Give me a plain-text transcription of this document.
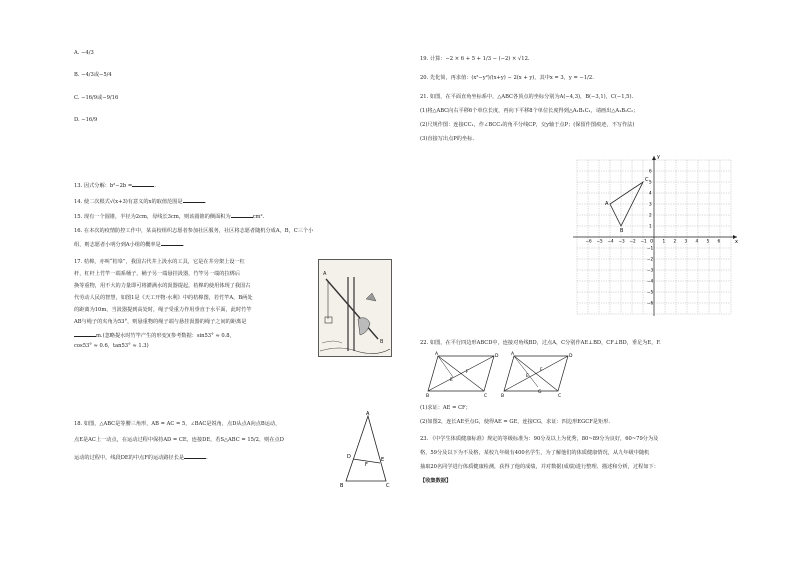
A. −4/3
B. −4/3或−5/4
C. −16/9或−9/16
D. −16/9
13. 因式分解：b²−2b =	.
14. 使二次根式√(x+3)有意义的x的取值范围是	.
15. 现有一个圆锥，半径为2cm，母线长3cm，则该圆锥的侧面积为	cm².
16. 在本次的疫情防控工作中，某高校组织志愿者参加社区服务，社区将志愿者随机分成A，B，C三个小
组，则志愿者小明分到A小组的概率是	.
17. 桔槔，亦叫“桔皋”，我国古代井上汲水的工具，它是在井旁架上设一杠
杆，杠杆上竹竿一端系桶子，桶子另一端悬挂汲器，竹竿另一端的拉绑后
换等重物，用不大的力量即可将灌满水的汲器提起，桔槔的使用体现了我国古
代劳动人民的智慧，如图1是《天工开物·水利》中的桔槔图，若竹竿A，B两处
的距离为10m，当汲器提到高处时，绳子受重力作用垂直于水平面，此时竹竿
AB与绳子的夹角为53°，则悬重物的绳子端与悬挂汲器的绳子之间的距离是
m.(忽略提水时竹竿产生的形变)(参考数据：sin53° ≈ 0.8,
cos53° ≈ 0.6，tan53° ≈ 1.3)
A
B
18. 如图，△ABC是等腰三角形，AB = AC = 5，∠BAC是锐角，点D从点A向点B运动，
点E是AC上一动点，在运动过程中保持AD = CE，连接DE，若S△ABC = 15/2，则在点D
运动的过程中，线段DE的中点F的运动路径长是	.
A
B	C
D	E
F
19. 计算：−2 × 6 + 5 + 1/3 − (−2) × √12.
20. 先化简，再求值：(x²−y²)/(x+y) − 2(x + y)，其中x = 3，y = −1/2.
21. 如图，在平面直角坐标系中，△ABC各顶点的坐标分别为A(−4,3)，B(−3,1)，C(−1,5).
(1)将△ABC向右平移6个单位长度，再向下平移8个单位长度得到△A₁B₁C₁，请画出△A₁B₁C₁；
(2)尺规作图：连接CC₁，作∠BCC₁的角平分线CP，交y轴于点P；(保留作图痕迹，不写作法)
(3)直接写出点P的坐标.
x
y
−6 −5 −4 −3 −2 −1 O 1 2 3 4 5 6
1
2
3
4
5
6
−1
−2
−3
−4
−5
−6
A
B
C
22. 如图，在平行四边形ABCD中，连接对角线BD，过点A，C分别作AE⊥BD，CF⊥BD，垂足为E，F.
A
B	C
D
E
F
A
B	C
D
E
F
G
(1)求证：AE = CF；
(2)如图2，连长AE至点G，使得AE = GE，连接CG，求证：四边形EGCF是矩形.
23. 《中学生体质健康标准》规定的等级标准为：90分及以上为优秀，80~89分为良好，60~79分为及
格，59分及以下为不及格，某校九年级有400名学生，为了解他们的体质健康情况，从九年级中随机
抽取20名同学进行体质健康检测，获得了他的成绩，并对数据(成绩)进行整理、描述和分析，过程如下：
【收集数据】
